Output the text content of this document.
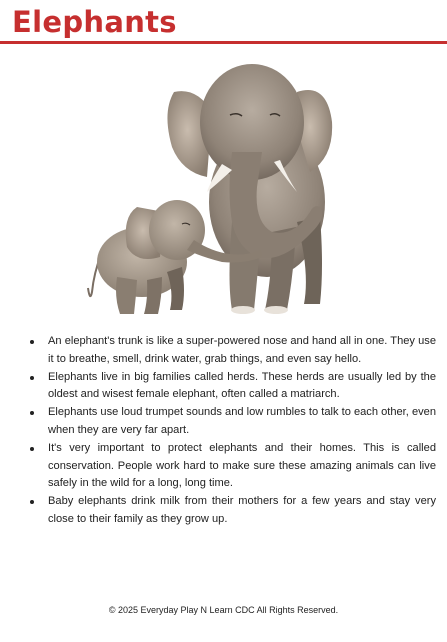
Elephants
An elephant's trunk is like a super-powered nose and hand all in one. They use it to breathe, smell, drink water, grab things, and even say hello.
Elephants live in big families called herds. These herds are usually led by the oldest and wisest female elephant, often called a matriarch.
Elephants use loud trumpet sounds and low rumbles to talk to each other, even when they are very far apart.
It's very important to protect elephants and their homes. This is called conservation. People work hard to make sure these amazing animals can live safely in the wild for a long, long time.
Baby elephants drink milk from their mothers for a few years and stay very close to their family as they grow up.
© 2025 Everyday Play N Learn CDC All Rights Reserved.
